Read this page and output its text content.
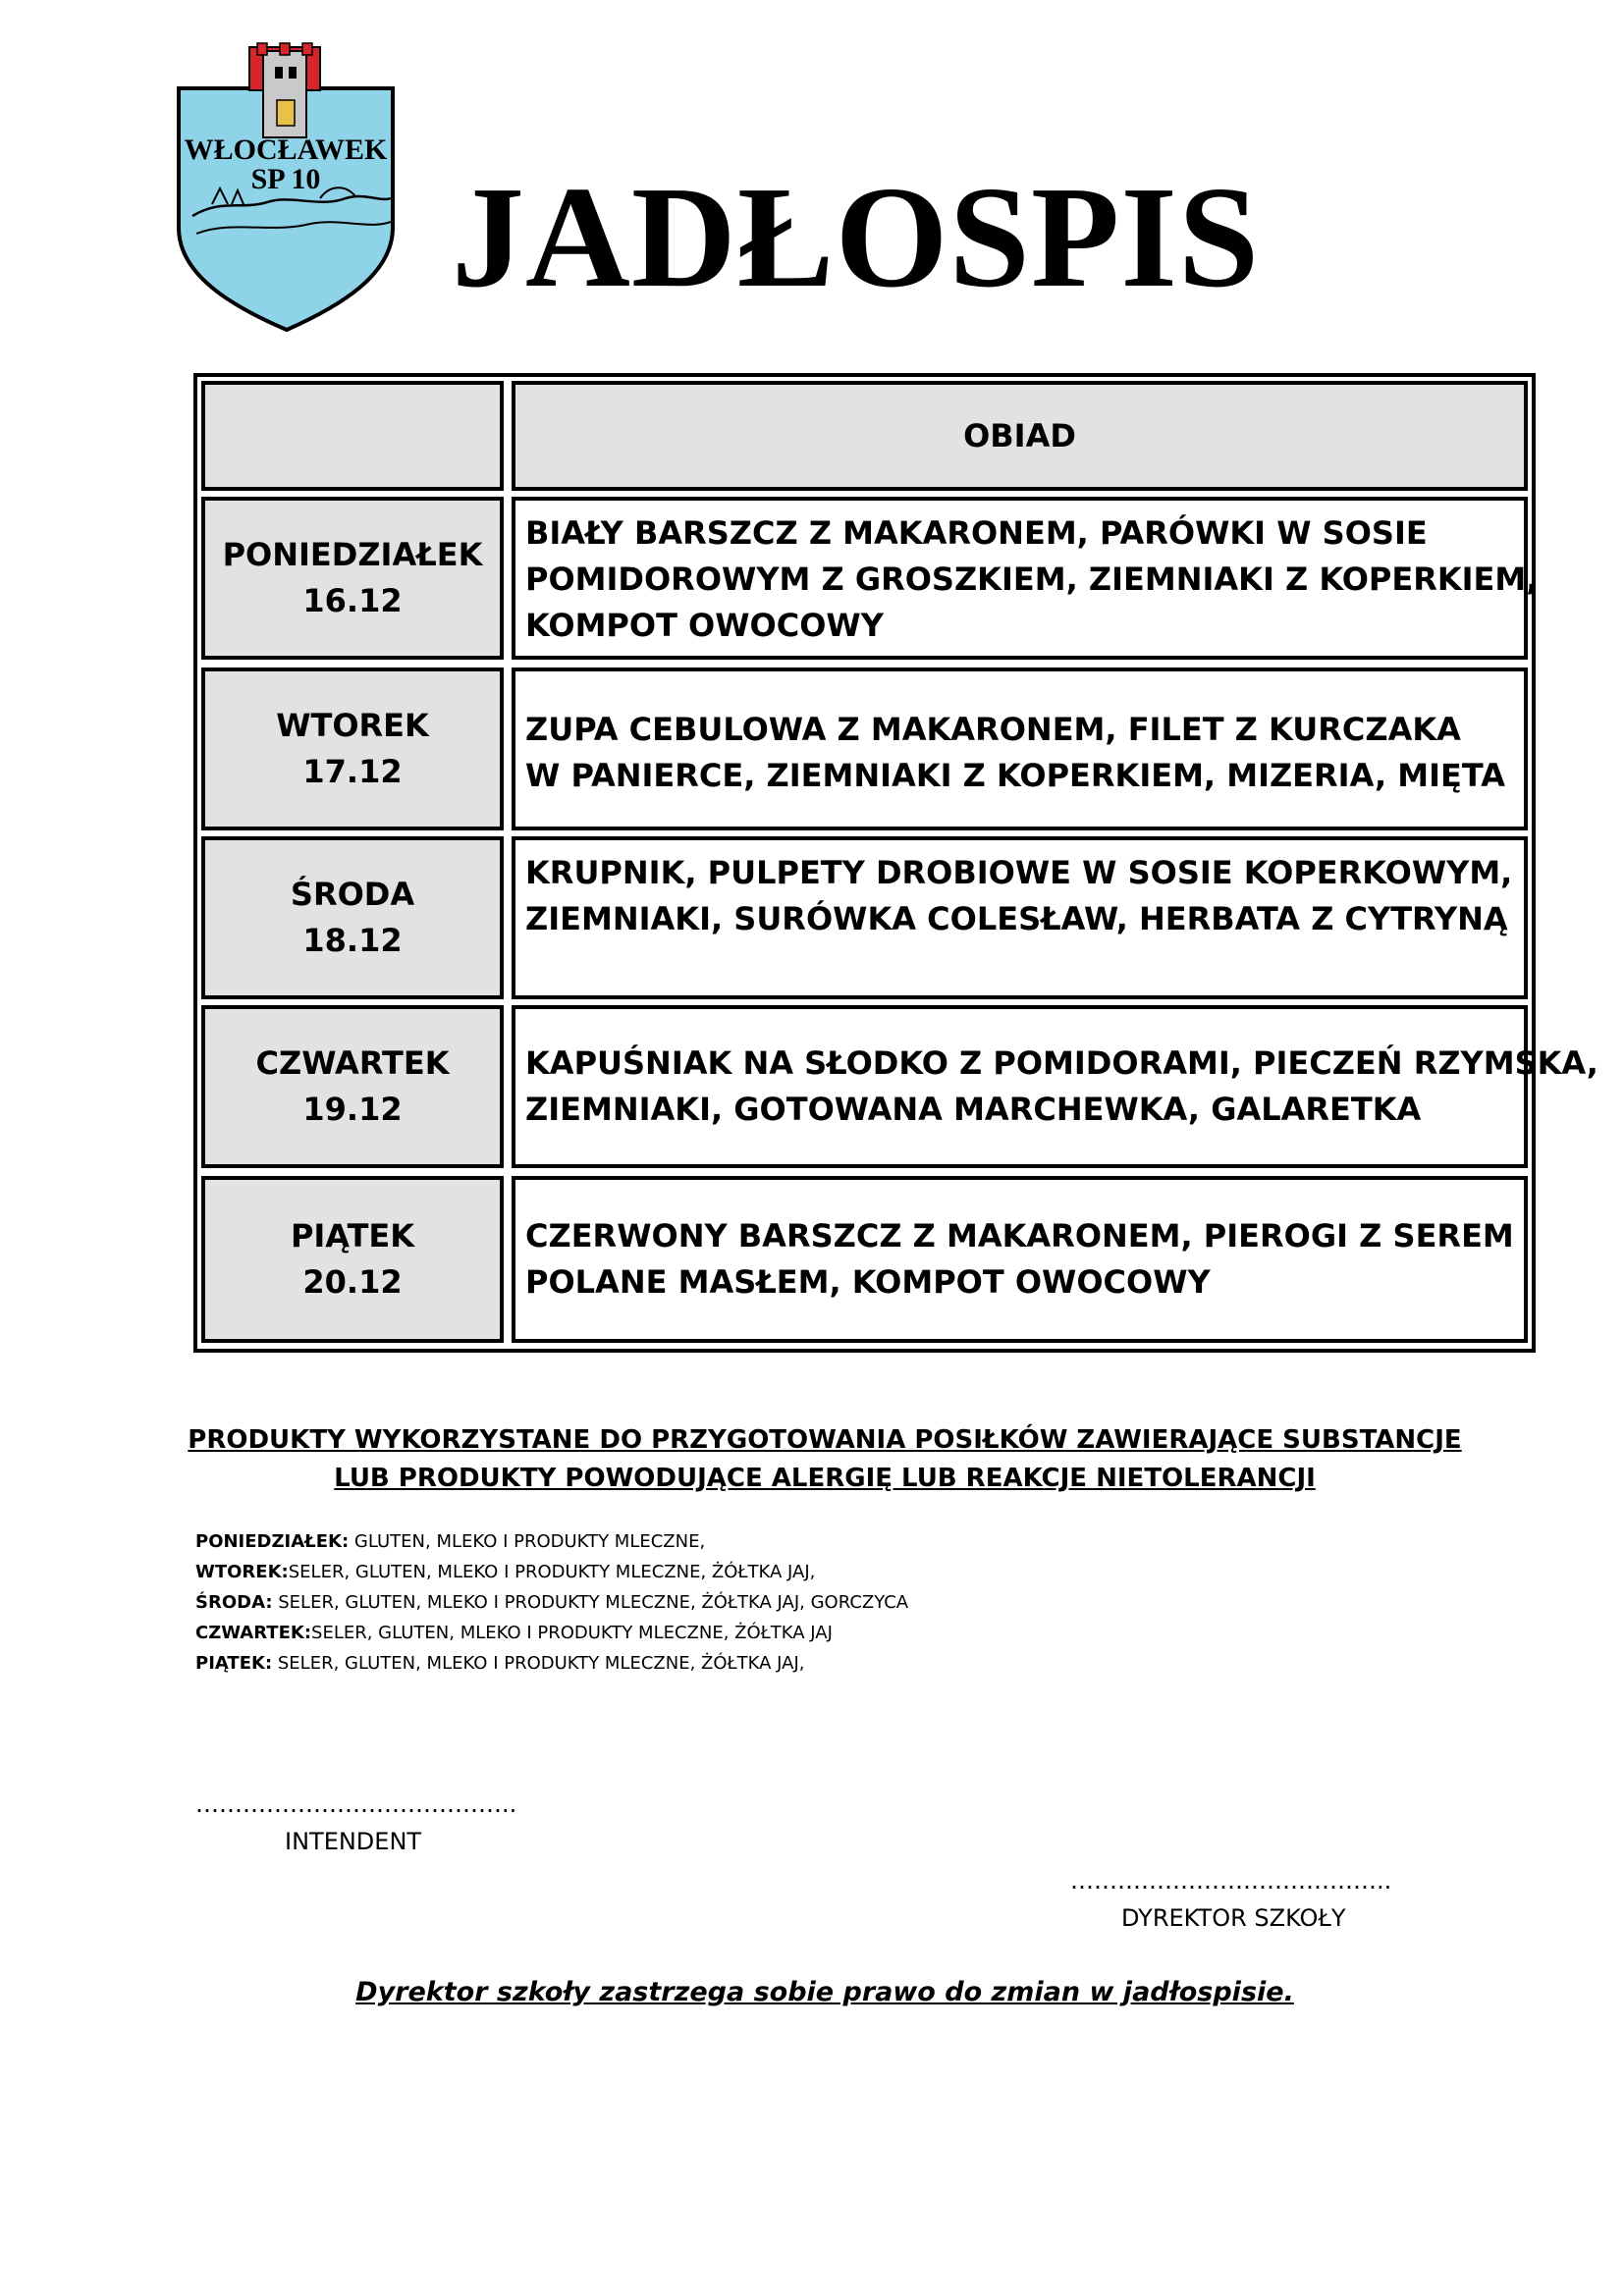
WŁOCŁAWEK
SP 10 JADŁOSPIS
OBIAD
PONIEDZIAŁEK
16.12
BIAŁY BARSZCZ Z MAKARONEM, PARÓWKI W SOSIE
POMIDOROWYM Z GROSZKIEM, ZIEMNIAKI Z KOPERKIEM,
KOMPOT OWOCOWY
WTOREK
17.12
ZUPA CEBULOWA Z MAKARONEM, FILET Z KURCZAKA
W PANIERCE, ZIEMNIAKI Z KOPERKIEM, MIZERIA, MIĘTA
ŚRODA
18.12
KRUPNIK, PULPETY DROBIOWE W SOSIE KOPERKOWYM,
ZIEMNIAKI, SURÓWKA COLESŁAW, HERBATA Z CYTRYNĄ
CZWARTEK
19.12
KAPUŚNIAK NA SŁODKO Z POMIDORAMI, PIECZEŃ RZYMSKA,
ZIEMNIAKI, GOTOWANA MARCHEWKA, GALARETKA
PIĄTEK
20.12
CZERWONY BARSZCZ Z MAKARONEM, PIEROGI Z SEREM
POLANE MASŁEM, KOMPOT OWOCOWY
PRODUKTY WYKORZYSTANE DO PRZYGOTOWANIA POSIŁKÓW ZAWIERAJĄCE SUBSTANCJE
LUB PRODUKTY POWODUJĄCE ALERGIĘ LUB REAKCJE NIETOLERANCJI
PONIEDZIAŁEK: GLUTEN, MLEKO I PRODUKTY MLECZNE,
WTOREK:SELER, GLUTEN, MLEKO I PRODUKTY MLECZNE, ŻÓŁTKA JAJ,
ŚRODA: SELER, GLUTEN, MLEKO I PRODUKTY MLECZNE, ŻÓŁTKA JAJ, GORCZYCA
CZWARTEK:SELER, GLUTEN, MLEKO I PRODUKTY MLECZNE, ŻÓŁTKA JAJ
PIĄTEK: SELER, GLUTEN, MLEKO I PRODUKTY MLECZNE, ŻÓŁTKA JAJ,
…………………………………..
INTENDENT
…………………………………..
DYREKTOR SZKOŁY
Dyrektor szkoły zastrzega sobie prawo do zmian w jadłospisie.
